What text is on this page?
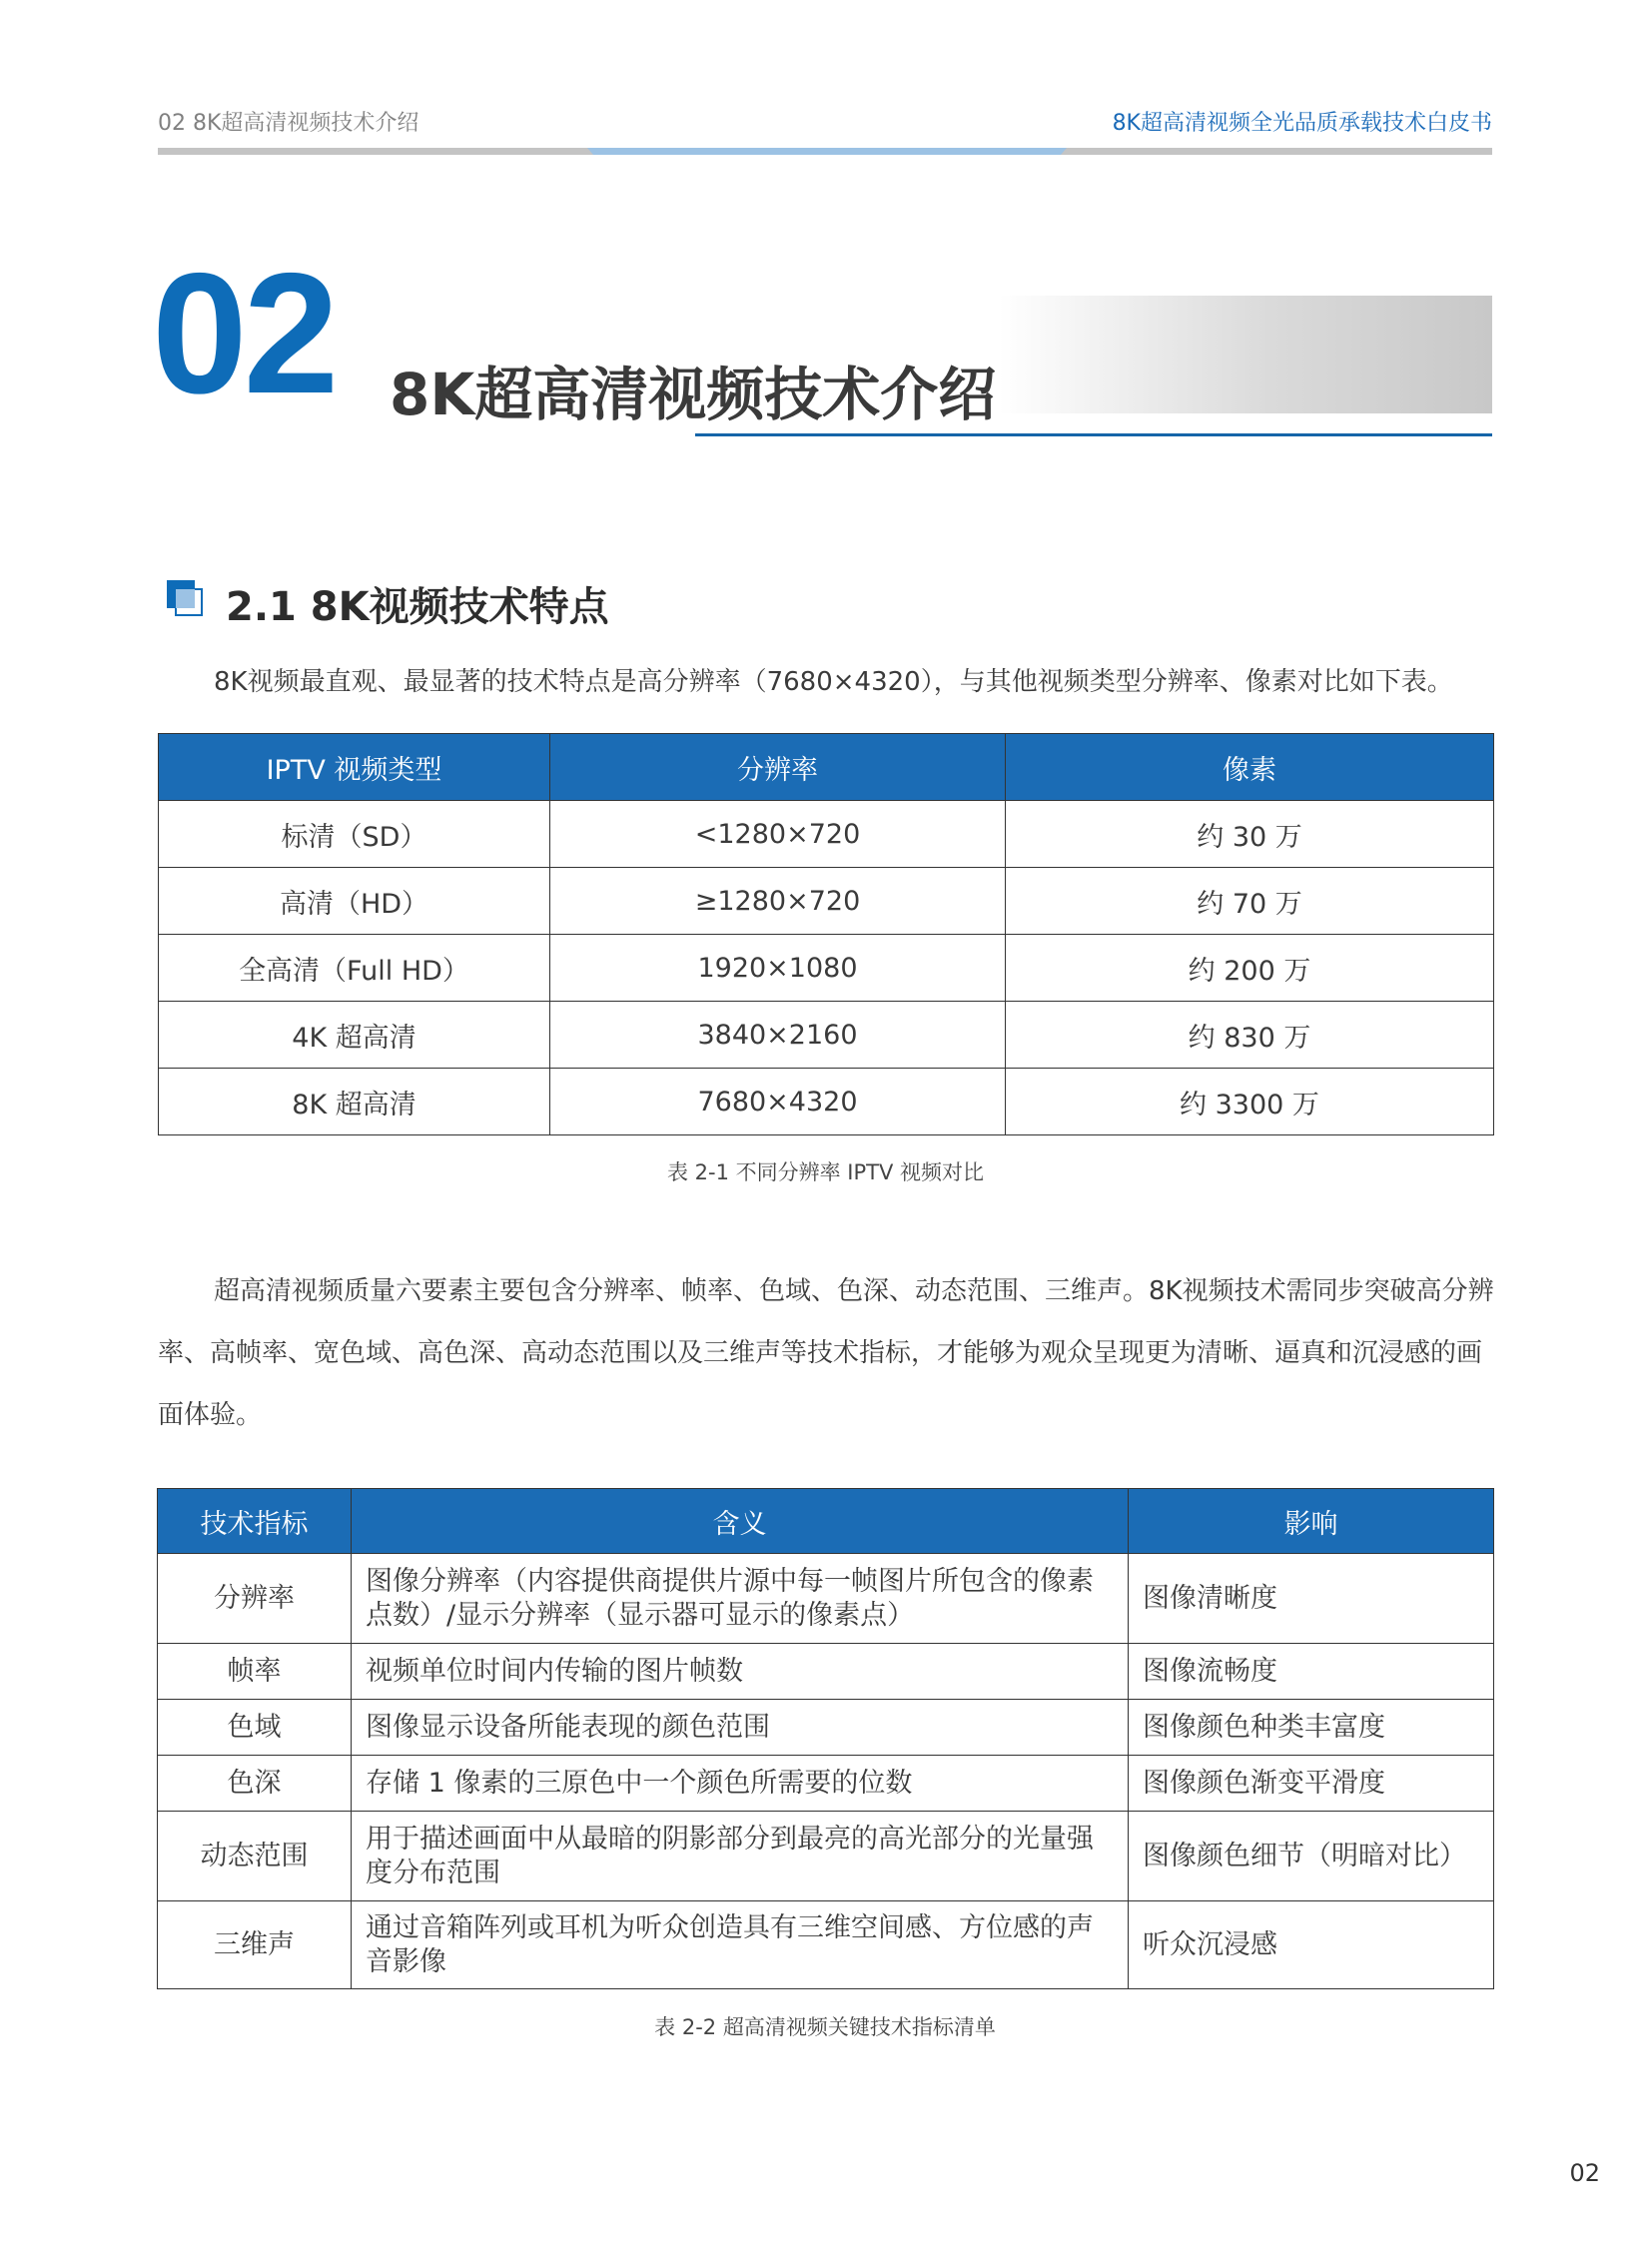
02 8K超高清视频技术介绍	8K超高清视频全光品质承载技术白皮书
02 8K超高清视频技术介绍
2.1 8K视频技术特点
8K视频最直观、最显著的技术特点是高分辨率（7680×4320），与其他视频类型分辨率、像素对比如下表。
IPTV 视频类型	分辨率	像素
标清（SD）	<1280×720	约 30 万
高清（HD）	≥1280×720	约 70 万
全高清（Full HD）	1920×1080	约 200 万
4K 超高清	3840×2160	约 830 万
8K 超高清	7680×4320	约 3300 万
表 2-1 不同分辨率 IPTV 视频对比
超高清视频质量六要素主要包含分辨率、帧率、色域、色深、动态范围、三维声。8K视频技术需同步突破高分辨率、高帧率、宽色域、高色深、高动态范围以及三维声等技术指标，才能够为观众呈现更为清晰、逼真和沉浸感的画面体验。
技术指标	含义	影响
分辨率	图像分辨率（内容提供商提供片源中每一帧图片所包含的像素点数）/显示分辨率（显示器可显示的像素点）	图像清晰度
帧率	视频单位时间内传输的图片帧数	图像流畅度
色域	图像显示设备所能表现的颜色范围	图像颜色种类丰富度
色深	存储 1 像素的三原色中一个颜色所需要的位数	图像颜色渐变平滑度
动态范围	用于描述画面中从最暗的阴影部分到最亮的高光部分的光量强度分布范围	图像颜色细节（明暗对比）
三维声	通过音箱阵列或耳机为听众创造具有三维空间感、方位感的声音影像	听众沉浸感
表 2-2 超高清视频关键技术指标清单
02
